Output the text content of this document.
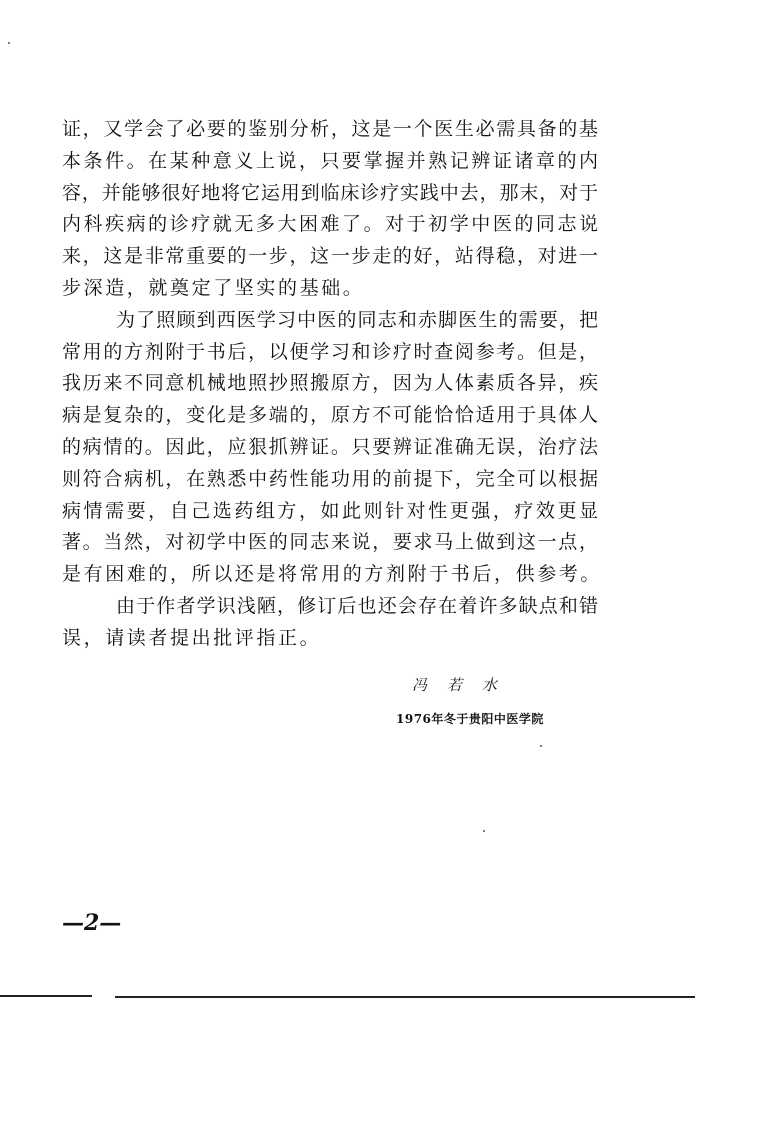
证，又学会了必要的鉴别分析，这是一个医生必需具备的基
本条件。在某种意义上说，只要掌握并熟记辨证诸章的内
容，并能够很好地将它运用到临床诊疗实践中去，那末，对于
内科疾病的诊疗就无多大困难了。对于初学中医的同志说
来，这是非常重要的一步，这一步走的好，站得稳，对进一
步深造，就奠定了坚实的基础。
为了照顾到西医学习中医的同志和赤脚医生的需要，把
常用的方剂附于书后，以便学习和诊疗时查阅参考。但是，
我历来不同意机械地照抄照搬原方，因为人体素质各异，疾
病是复杂的，变化是多端的，原方不可能恰恰适用于具体人
的病情的。因此，应狠抓辨证。只要辨证准确无误，治疗法
则符合病机，在熟悉中药性能功用的前提下，完全可以根据
病情需要，自己选药组方，如此则针对性更强，疗效更显
著。当然，对初学中医的同志来说，要求马上做到这一点，
是有困难的，所以还是将常用的方剂附于书后，供参考。
由于作者学识浅陋，修订后也还会存在着许多缺点和错
误，请读者提出批评指正。
冯若水
1976年冬于贵阳中医学院
—2—
